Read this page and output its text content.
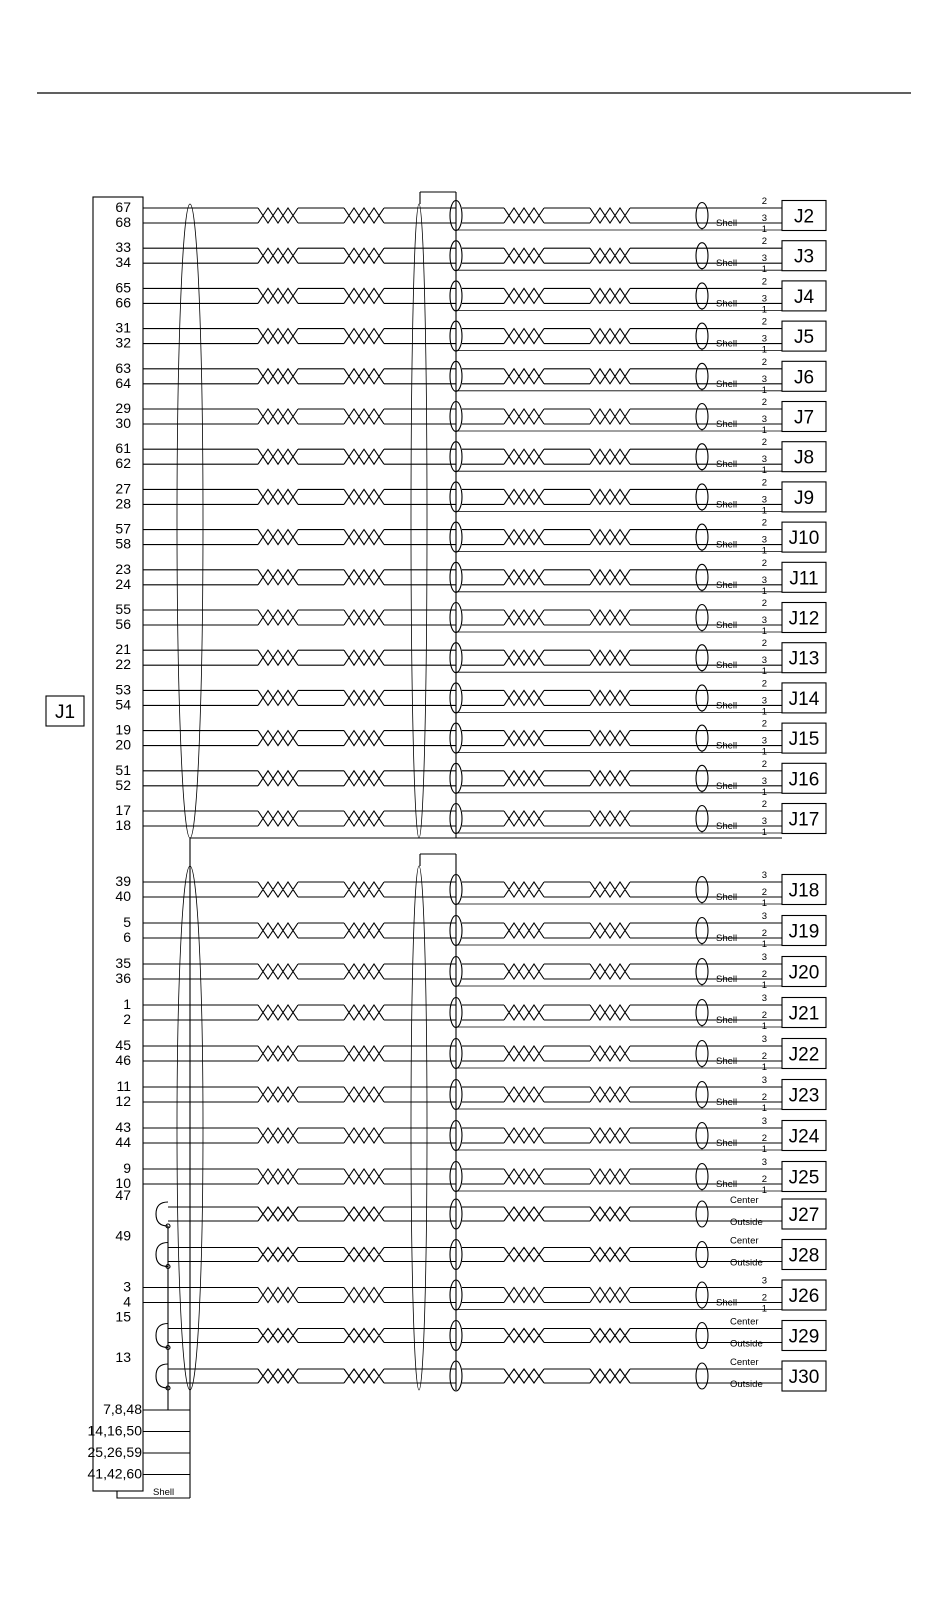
J1
67
68	Shell
2
3
1
J2
33
34	Shell
2
3
1
J3
65
66	Shell
2
3
1
J4
31
32	Shell
2
3
1
J5
63
64	Shell
2
3
1
J6
29
30	Shell
2
3
1
J7
61
62	Shell
2
3
1
J8
27
28	Shell
2
3
1
J9
57
58	Shell
2
3
1
J10
23
24	Shell
2
3
1
J11
55
56	Shell
2
3
1
J12
21
22	Shell
2
3
1
J13
53
54	Shell
2
3
1
J14
19
20	Shell
2
3
1
J15
51
52	Shell
2
3
1
J16
17
18	Shell
2
3
1
J17
39
40	Shell
3
2
1
J18
5
6	Shell
3
2
1
J19
35
36	Shell
3
2
1
J20
1
2	Shell
3
2
1
J21
45
46	Shell
3
2
1
J22
11
12	Shell
3
2
1
J23
43
44	Shell
3
2
1
J24
9
10	Shell
3
2
1
J25
47	Center
Outside J27
49	Center
Outside J28
3
4	Shell
3
2
1
J26
15	Center
Outside J29
13	Center
Outside J30
7,8,48
14,16,50
25,26,59
41,42,60
Shell
